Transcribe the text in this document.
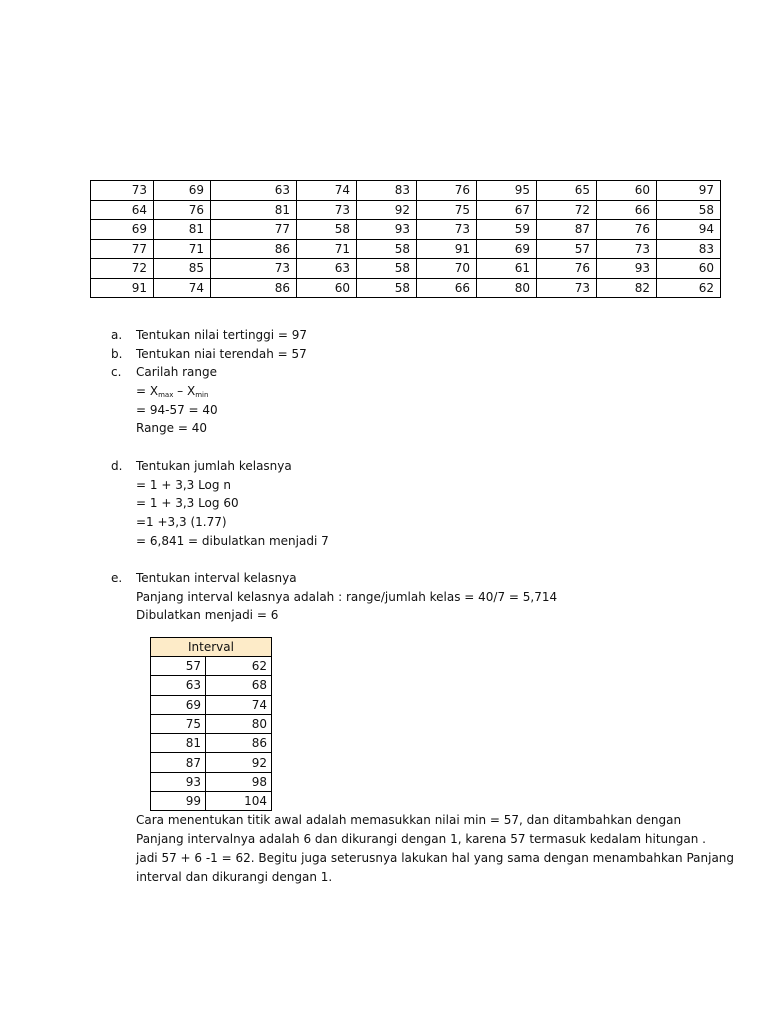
73	69	63	74	83	76	95	65	60	97
64	76	81	73	92	75	67	72	66	58
69	81	77	58	93	73	59	87	76	94
77	71	86	71	58	91	69	57	73	83
72	85	73	63	58	70	61	76	93	60
91	74	86	60	58	66	80	73	82	62
a.	Tentukan nilai tertinggi = 97
b.	Tentukan niai terendah = 57
c.	Carilah range
= $X_{max} - X_{min}$
= 94-57 = 40
Range = 40
d.	Tentukan jumlah kelasnya
= 1 + 3,3 Log n
= 1 + 3,3 Log 60
=1 +3,3 (1.77)
= 6,841 = dibulatkan menjadi 7
e.	Tentukan interval kelasnya
Panjang interval kelasnya adalah : range/jumlah kelas = 40/7 = 5,714
Dibulatkan menjadi = 6
Interval	
57	62
63	68
69	74
75	80
81	86
87	92
93	98
99	104
Cara menentukan titik awal adalah memasukkan nilai min = 57, dan ditambahkan dengan
Panjang intervalnya adalah 6 dan dikurangi dengan 1, karena 57 termasuk kedalam hitungan .
jadi 57 + 6 -1 = 62. Begitu juga seterusnya lakukan hal yang sama dengan menambahkan Panjang
interval dan dikurangi dengan 1.
